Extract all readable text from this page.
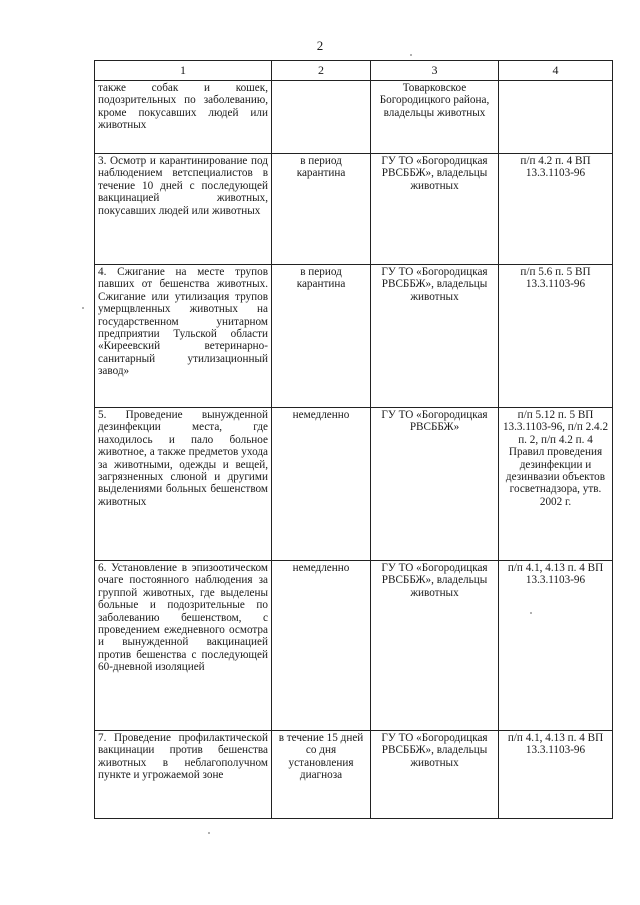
2
1	2	3	4
также собак и кошек, подозрительных по заболеванию, кроме покусавших людей или животных		Товарковское Богородицкого района, владельцы животных	
3. Осмотр и карантинирование под наблюдением ветспециалистов в течение 10 дней с последующей вакцинацией животных, покусавших людей или животных	в период карантина	ГУ ТО «Богородицкая РВСББЖ», владельцы животных	п/п 4.2 п. 4 ВП 13.3.1103-96
4. Сжигание на месте трупов павших от бешенства животных. Сжигание или утилизация трупов умерщвленных животных на государственном унитарном предприятии Тульской области «Киреевский ветеринарно-санитарный утилизационный завод»	в период карантина	ГУ ТО «Богородицкая РВСББЖ», владельцы животных	п/п 5.6 п. 5 ВП 13.3.1103-96
5. Проведение вынужденной дезинфекции места, где находилось и пало больное животное, а также предметов ухода за животными, одежды и вещей, загрязненных слюной и другими выделениями больных бешенством животных	немедленно	ГУ ТО «Богородицкая РВСББЖ»	п/п 5.12 п. 5 ВП 13.3.1103-96, п/п 2.4.2 п. 2, п/п 4.2 п. 4 Правил проведения дезинфекции и дезинвазии объектов госветнадзора, утв. 2002 г.
6. Установление в эпизоотическом очаге постоянного наблюдения за группой животных, где выделены больные и подозрительные по заболеванию бешенством, с проведением ежедневного осмотра и вынужденной вакцинацией против бешенства с последующей 60-дневной изоляцией	немедленно	ГУ ТО «Богородицкая РВСББЖ», владельцы животных	п/п 4.1, 4.13 п. 4 ВП 13.3.1103-96
7. Проведение профилактической вакцинации против бешенства животных в неблагополучном пункте и угрожаемой зоне	в течение 15 дней со дня установления диагноза	ГУ ТО «Богородицкая РВСББЖ», владельцы животных	п/п 4.1, 4.13 п. 4 ВП 13.3.1103-96
